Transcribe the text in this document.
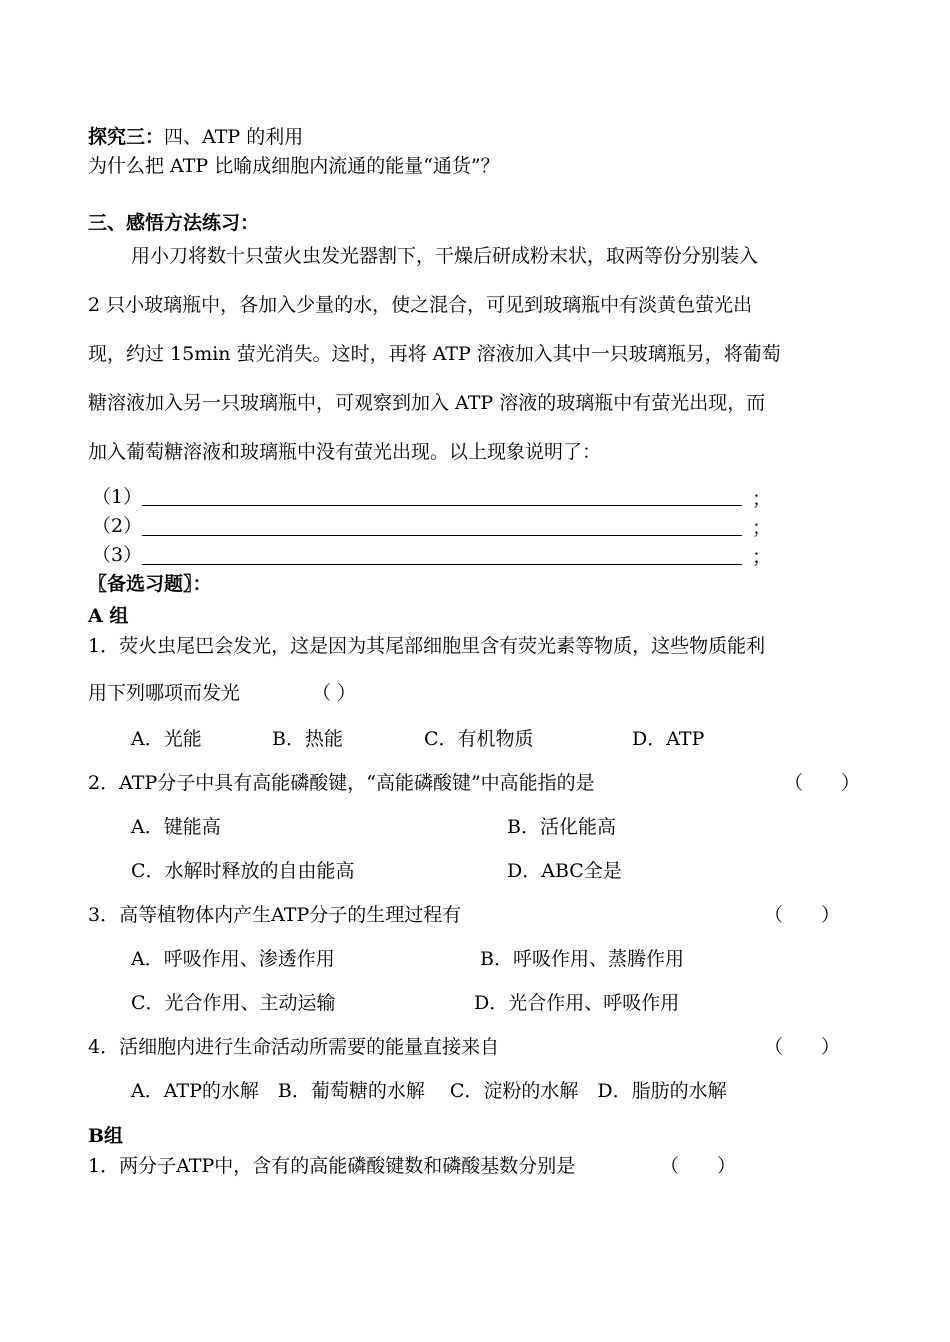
探究三：四、ATP 的利用
为什么把 ATP 比喻成细胞内流通的能量“通货”？
三、感悟方法练习：
用小刀将数十只萤火虫发光器割下，干燥后研成粉末状，取两等份分别装入
2 只小玻璃瓶中，各加入少量的水，使之混合，可见到玻璃瓶中有淡黄色萤光出
现，约过 15min 萤光消失。这时，再将 ATP 溶液加入其中一只玻璃瓶另，将葡萄
糖溶液加入另一只玻璃瓶中，可观察到加入 ATP 溶液的玻璃瓶中有萤光出现，而
加入葡萄糖溶液和玻璃瓶中没有萤光出现。以上现象说明了：
（1）	；
（2）	；
（3）	；
〖备选习题〗：
A 组
1．荧火虫尾巴会发光，这是因为其尾部细胞里含有荧光素等物质，这些物质能利
用下列哪项而发光	（ ）
A．光能	B．热能	C．有机物质	D．ATP
2．ATP分子中具有高能磷酸键，“高能磷酸键”中高能指的是	（　　）
A．键能高	B．活化能高
C．水解时释放的自由能高	D．ABC全是
3．高等植物体内产生ATP分子的生理过程有	（　　）
A．呼吸作用、渗透作用	B．呼吸作用、蒸腾作用
C．光合作用、主动运输	D．光合作用、呼吸作用
4．活细胞内进行生命活动所需要的能量直接来自	（　　）
A．ATP的水解　B．葡萄糖的水解　 C．淀粉的水解　D．脂肪的水解
B组
1．两分子ATP中，含有的高能磷酸键数和磷酸基数分别是	（　　）
